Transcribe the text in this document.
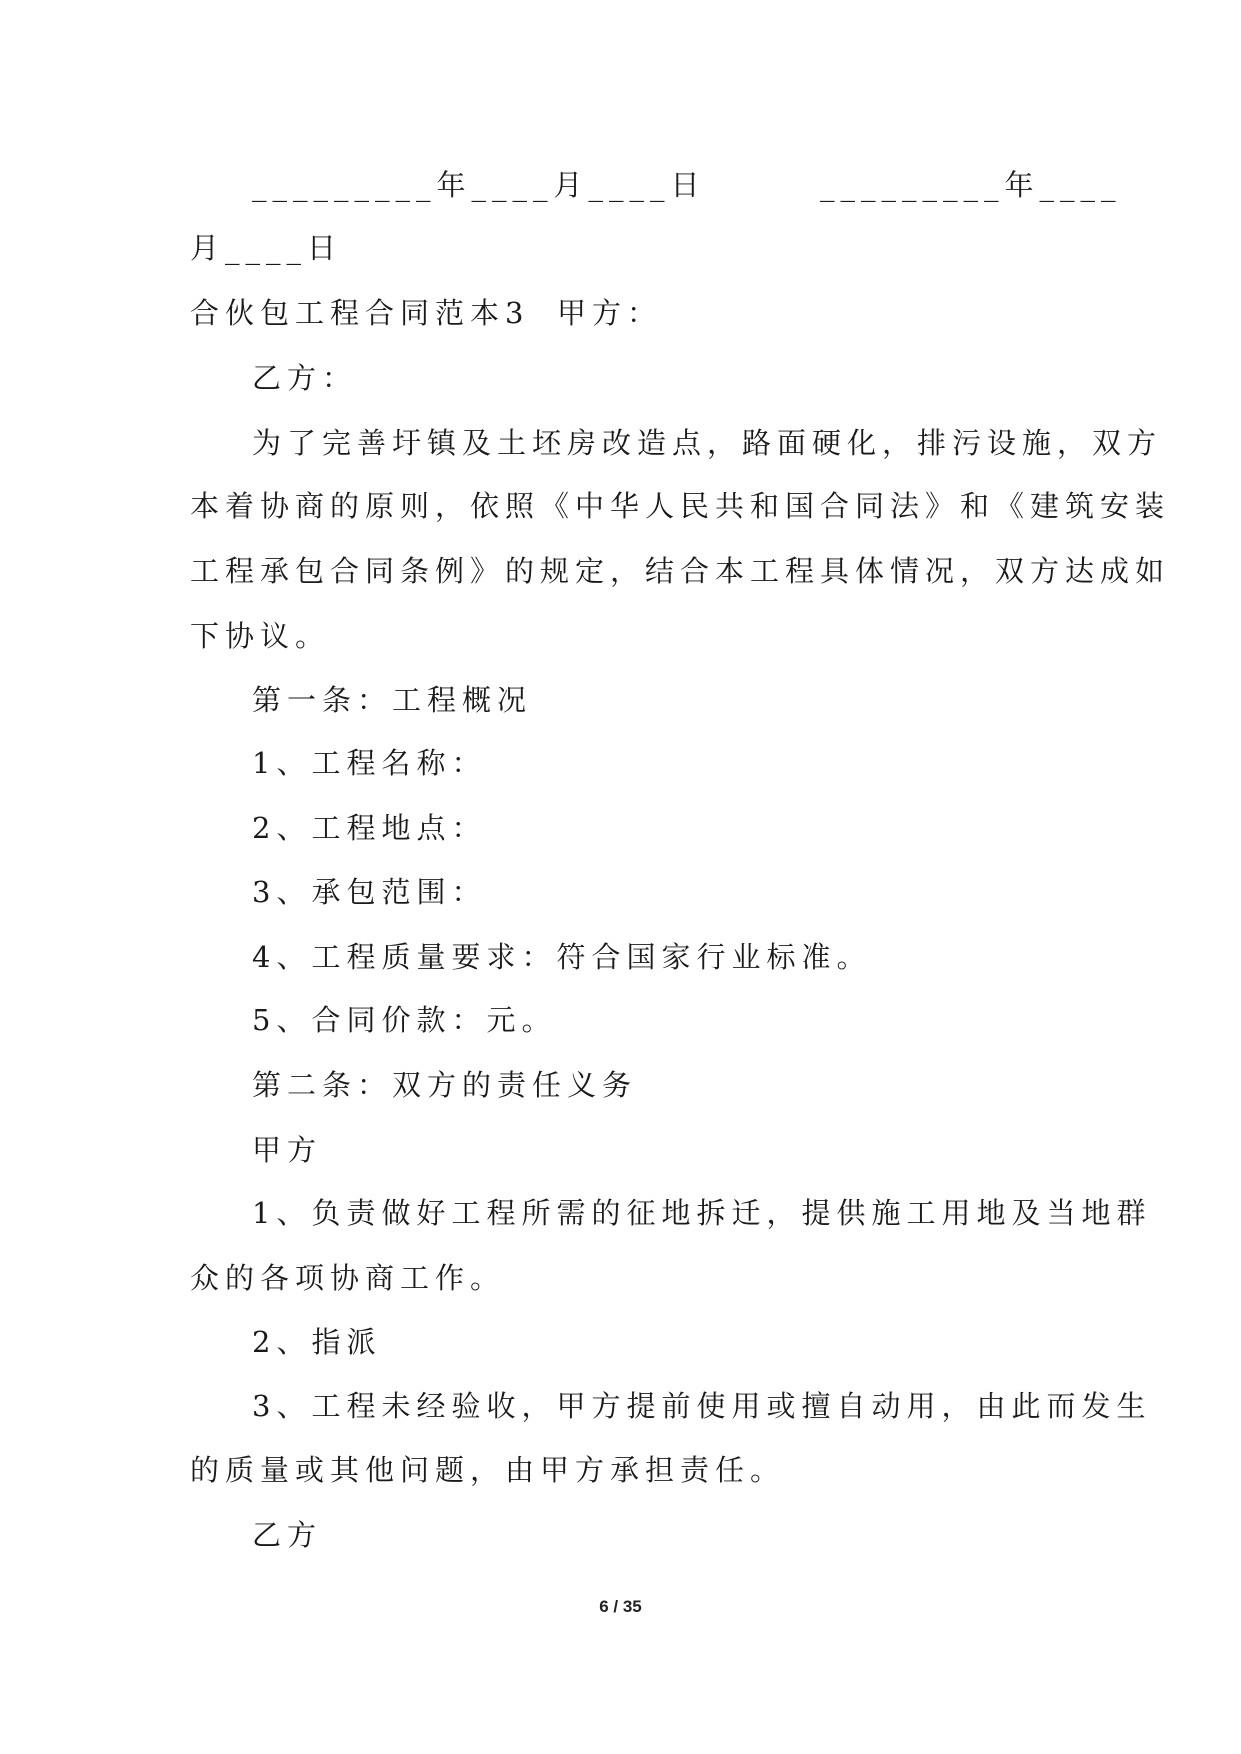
_________年____月____日	_________年____

月____日

合伙包工程合同范本3 甲方：

乙方：

为了完善圩镇及土坯房改造点，路面硬化，排污设施，双方

本着协商的原则，依照《中华人民共和国合同法》和《建筑安装

工程承包合同条例》的规定，结合本工程具体情况，双方达成如

下协议。

第一条：工程概况

1、工程名称：

2、工程地点：

3、承包范围：

4、工程质量要求：符合国家行业标准。

5、合同价款：元。

第二条：双方的责任义务

甲方

1、负责做好工程所需的征地拆迁，提供施工用地及当地群

众的各项协商工作。

2、指派

3、工程未经验收，甲方提前使用或擅自动用，由此而发生

的质量或其他问题，由甲方承担责任。

乙方

6 / 35
